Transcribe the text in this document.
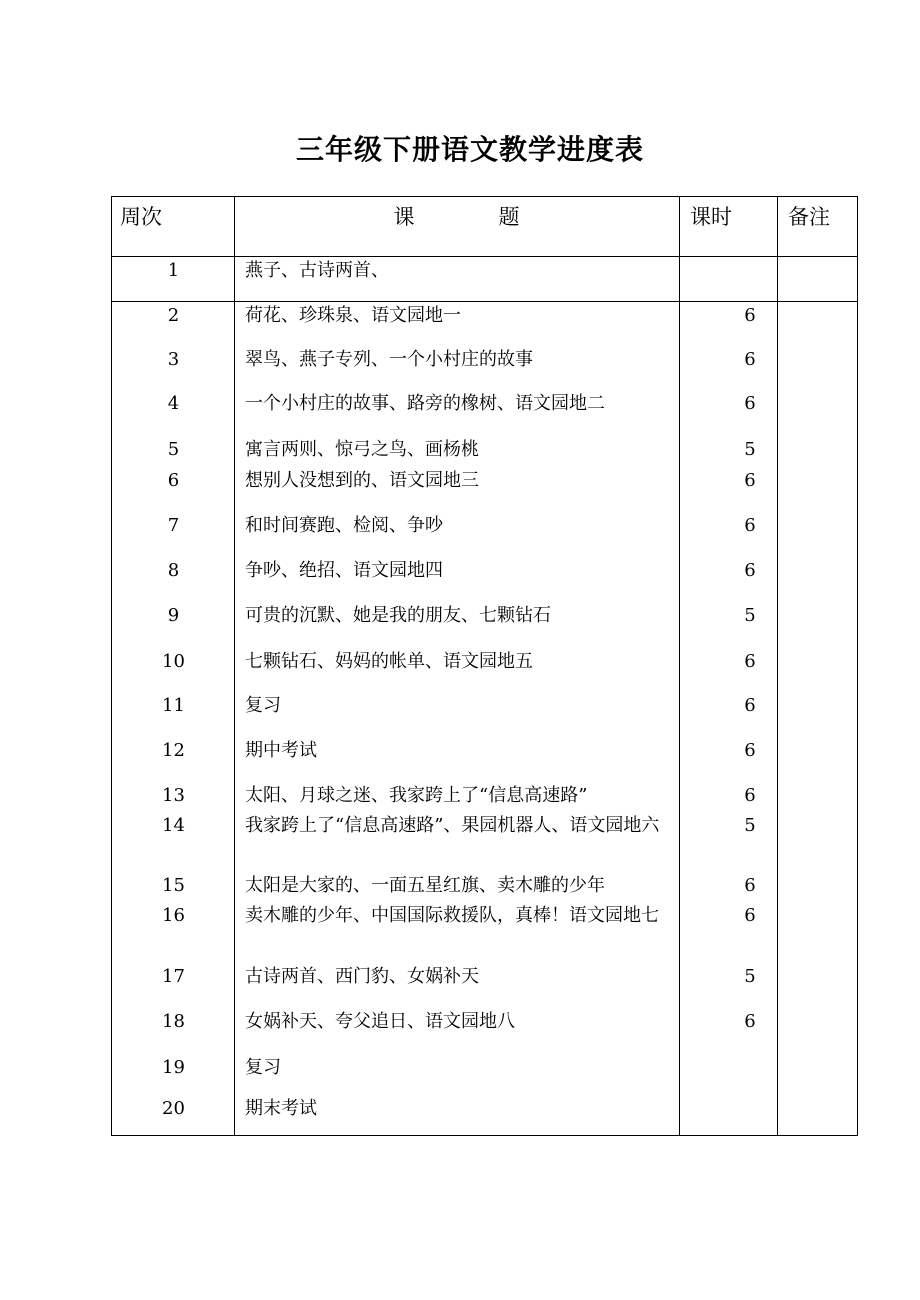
三年级下册语文教学进度表
周次	课　　　　题	课时	备注
1	燕子、古诗两首、
2	荷花、珍珠泉、语文园地一	6
3	翠鸟、燕子专列、一个小村庄的故事	6
4	一个小村庄的故事、路旁的橡树、语文园地二	6
5	寓言两则、惊弓之鸟、画杨桃	5
6	想别人没想到的、语文园地三	6
7	和时间赛跑、检阅、争吵	6
8	争吵、绝招、语文园地四	6
9	可贵的沉默、她是我的朋友、七颗钻石	5
10	七颗钻石、妈妈的帐单、语文园地五	6
11	复习	6
12	期中考试	6
13	太阳、月球之迷、我家跨上了“信息高速路”	6
14	我家跨上了“信息高速路”、果园机器人、语文园地六	5
15	太阳是大家的、一面五星红旗、卖木雕的少年	6
16	卖木雕的少年、中国国际救援队，真棒！语文园地七	6
17	古诗两首、西门豹、女娲补天	5
18	女娲补天、夸父追日、语文园地八	6
19	复习
20	期末考试
